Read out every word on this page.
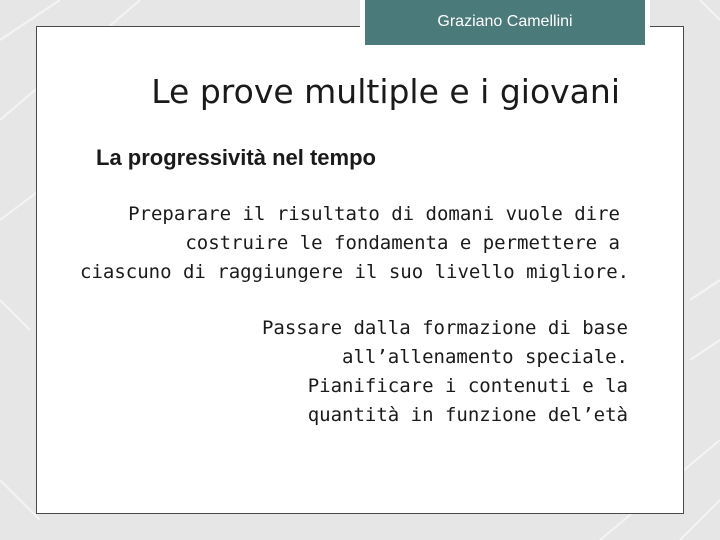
Graziano Camellini
Le prove multiple e i giovani
La progressività nel tempo
Preparare il risultato di domani vuole dire
costruire le fondamenta e permettere a
ciascuno di raggiungere il suo livello migliore.
Passare dalla formazione di base
all’allenamento speciale.
Pianificare i contenuti e la
quantità in funzione del’età
